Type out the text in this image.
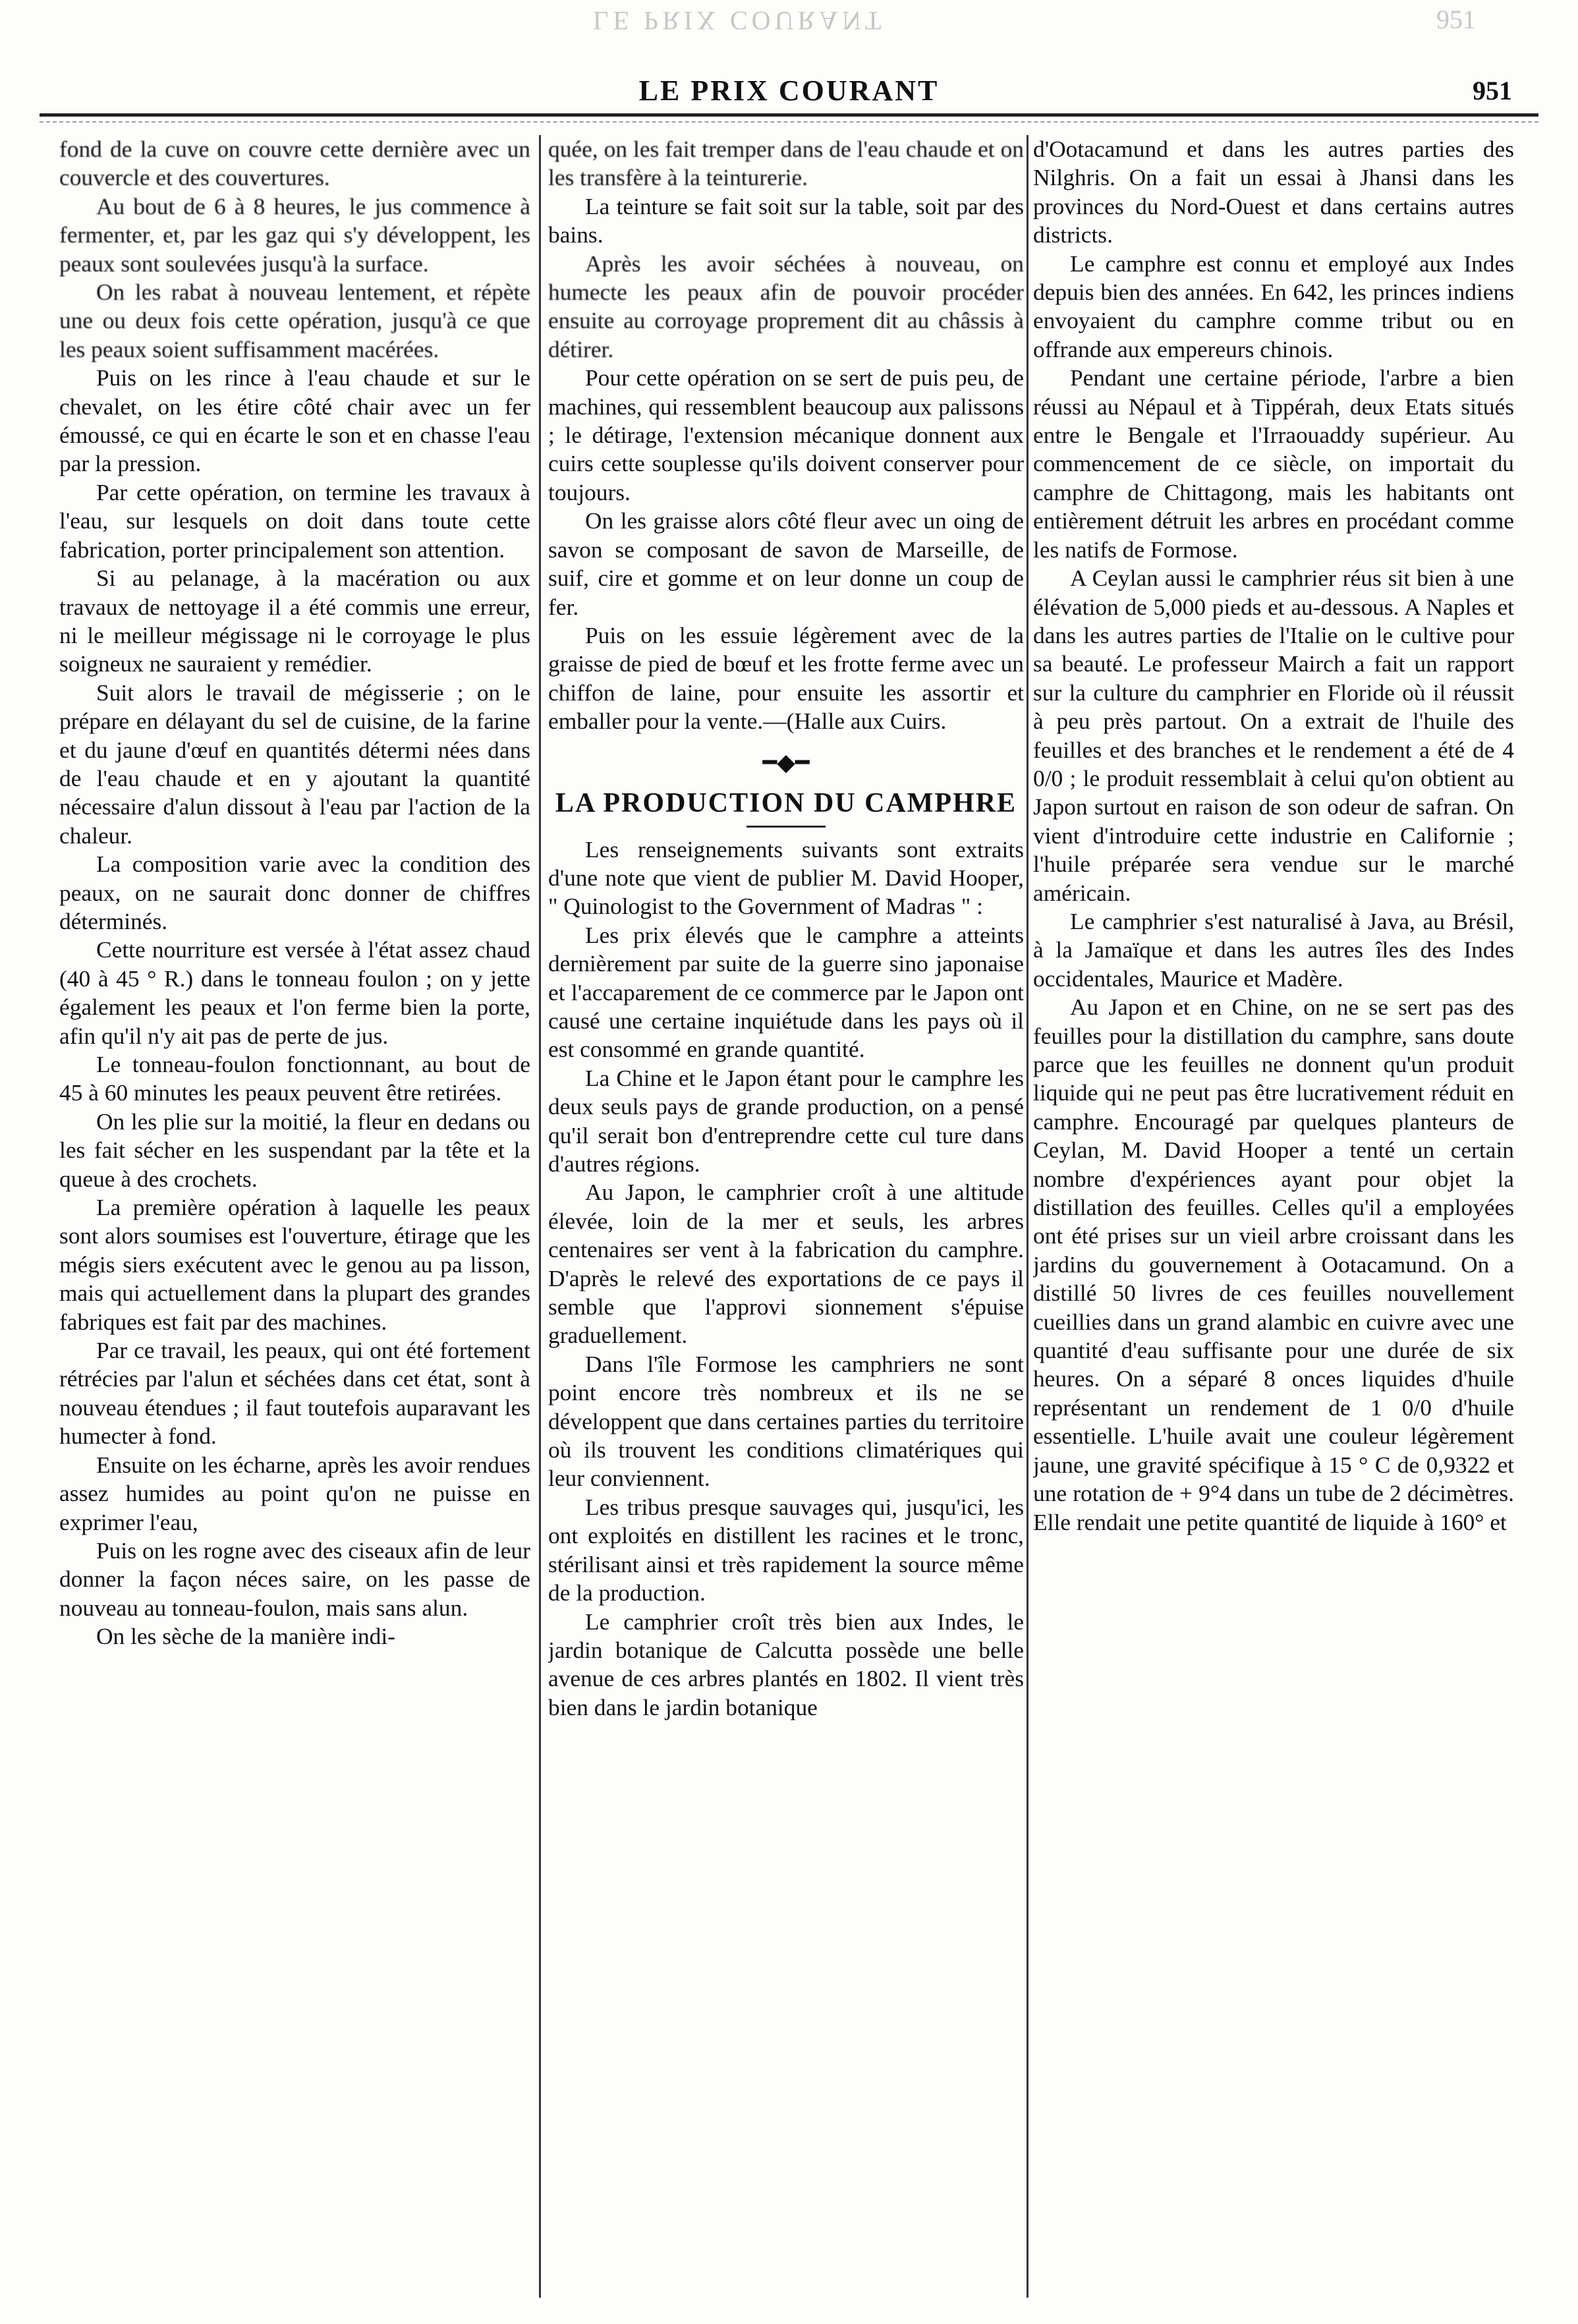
LE PRIX COURANT	951
LE PRIX COURANT	951

fond de la cuve on couvre cette dernière avec un couvercle et des couvertures.

Au bout de 6 à 8 heures, le jus commence à fermenter, et, par les gaz qui s'y développent, les peaux sont soulevées jusqu'à la surface.

On les rabat à nouveau lentement, et répète une ou deux fois cette opération, jusqu'à ce que les peaux soient suffisamment macérées.

Puis on les rince à l'eau chaude et sur le chevalet, on les étire côté chair avec un fer émoussé, ce qui en écarte le son et en chasse l'eau par la pression.

Par cette opération, on termine les travaux à l'eau, sur lesquels on doit dans toute cette fabrication, porter principalement son attention.

Si au pelanage, à la macération ou aux travaux de nettoyage il a été commis une erreur, ni le meilleur mégissage ni le corroyage le plus soigneux ne sauraient y remédier.

Suit alors le travail de mégisserie ; on le prépare en délayant du sel de cuisine, de la farine et du jaune d'œuf en quantités détermi nées dans de l'eau chaude et en y ajoutant la quantité nécessaire d'alun dissout à l'eau par l'action de la chaleur.

La composition varie avec la condition des peaux, on ne saurait donc donner de chiffres déterminés.

Cette nourriture est versée à l'état assez chaud (40 à 45 ° R.) dans le tonneau foulon ; on y jette également les peaux et l'on ferme bien la porte, afin qu'il n'y ait pas de perte de jus.

Le tonneau-foulon fonctionnant, au bout de 45 à 60 minutes les peaux peuvent être retirées.

On les plie sur la moitié, la fleur en dedans ou les fait sécher en les suspendant par la tête et la queue à des crochets.

La première opération à laquelle les peaux sont alors soumises est l'ouverture, étirage que les mégis siers exécutent avec le genou au pa lisson, mais qui actuellement dans la plupart des grandes fabriques est fait par des machines.

Par ce travail, les peaux, qui ont été fortement rétrécies par l'alun et séchées dans cet état, sont à nouveau étendues ; il faut toutefois auparavant les humecter à fond.

Ensuite on les écharne, après les avoir rendues assez humides au point qu'on ne puisse en exprimer l'eau,

Puis on les rogne avec des ciseaux afin de leur donner la façon néces saire, on les passe de nouveau au tonneau-foulon, mais sans alun.

On les sèche de la manière indi-

quée, on les fait tremper dans de l'eau chaude et on les transfère à la teinturerie.

La teinture se fait soit sur la table, soit par des bains.

Après les avoir séchées à nouveau, on humecte les peaux afin de pouvoir procéder ensuite au corroyage proprement dit au châssis à détirer.

Pour cette opération on se sert de puis peu, de machines, qui ressemblent beaucoup aux palissons ; le détirage, l'extension mécanique donnent aux cuirs cette souplesse qu'ils doivent conserver pour toujours.

On les graisse alors côté fleur avec un oing de savon se composant de savon de Marseille, de suif, cire et gomme et on leur donne un coup de fer.

Puis on les essuie légèrement avec de la graisse de pied de bœuf et les frotte ferme avec un chiffon de laine, pour ensuite les assortir et emballer pour la vente.—(Halle aux Cuirs.

━◆━
LA PRODUCTION DU CAMPHRE

Les renseignements suivants sont extraits d'une note que vient de publier M. David Hooper, " Quinologist to the Government of Madras " :

Les prix élevés que le camphre a atteints dernièrement par suite de la guerre sino japonaise et l'accaparement de ce commerce par le Japon ont causé une certaine inquiétude dans les pays où il est consommé en grande quantité.

La Chine et le Japon étant pour le camphre les deux seuls pays de grande production, on a pensé qu'il serait bon d'entreprendre cette cul ture dans d'autres régions.

Au Japon, le camphrier croît à une altitude élevée, loin de la mer et seuls, les arbres centenaires ser vent à la fabrication du camphre. D'après le relevé des exportations de ce pays il semble que l'approvi sionnement s'épuise graduellement.

Dans l'île Formose les camphriers ne sont point encore très nombreux et ils ne se développent que dans certaines parties du territoire où ils trouvent les conditions climatériques qui leur conviennent.

Les tribus presque sauvages qui, jusqu'ici, les ont exploités en distillent les racines et le tronc, stérilisant ainsi et très rapidement la source même de la production.

Le camphrier croît très bien aux Indes, le jardin botanique de Calcutta possède une belle avenue de ces arbres plantés en 1802. Il vient très bien dans le jardin botanique

d'Ootacamund et dans les autres parties des Nilghris. On a fait un essai à Jhansi dans les provinces du Nord-Ouest et dans certains autres districts.

Le camphre est connu et employé aux Indes depuis bien des années. En 642, les princes indiens envoyaient du camphre comme tribut ou en offrande aux empereurs chinois.

Pendant une certaine période, l'arbre a bien réussi au Népaul et à Tippérah, deux Etats situés entre le Bengale et l'Irraouaddy supérieur. Au commencement de ce siècle, on importait du camphre de Chittagong, mais les habitants ont entièrement détruit les arbres en procédant comme les natifs de Formose.

A Ceylan aussi le camphrier réus sit bien à une élévation de 5,000 pieds et au-dessous. A Naples et dans les autres parties de l'Italie on le cultive pour sa beauté. Le professeur Mairch a fait un rapport sur la culture du camphrier en Floride où il réussit à peu près partout. On a extrait de l'huile des feuilles et des branches et le rendement a été de 4 0/0 ; le produit ressemblait à celui qu'on obtient au Japon surtout en raison de son odeur de safran. On vient d'introduire cette industrie en Californie ; l'huile préparée sera vendue sur le marché américain.

Le camphrier s'est naturalisé à Java, au Brésil, à la Jamaïque et dans les autres îles des Indes occidentales, Maurice et Madère.

Au Japon et en Chine, on ne se sert pas des feuilles pour la distillation du camphre, sans doute parce que les feuilles ne donnent qu'un produit liquide qui ne peut pas être lucrativement réduit en camphre. Encouragé par quelques planteurs de Ceylan, M. David Hooper a tenté un certain nombre d'expériences ayant pour objet la distillation des feuilles. Celles qu'il a employées ont été prises sur un vieil arbre croissant dans les jardins du gouvernement à Ootacamund. On a distillé 50 livres de ces feuilles nouvellement cueillies dans un grand alambic en cuivre avec une quantité d'eau suffisante pour une durée de six heures. On a séparé 8 onces liquides d'huile représentant un rendement de 1 0/0 d'huile essentielle. L'huile avait une couleur légèrement jaune, une gravité spécifique à 15 ° C de 0,9322 et une rotation de + 9°4 dans un tube de 2 décimètres. Elle rendait une petite quantité de liquide à 160° et
